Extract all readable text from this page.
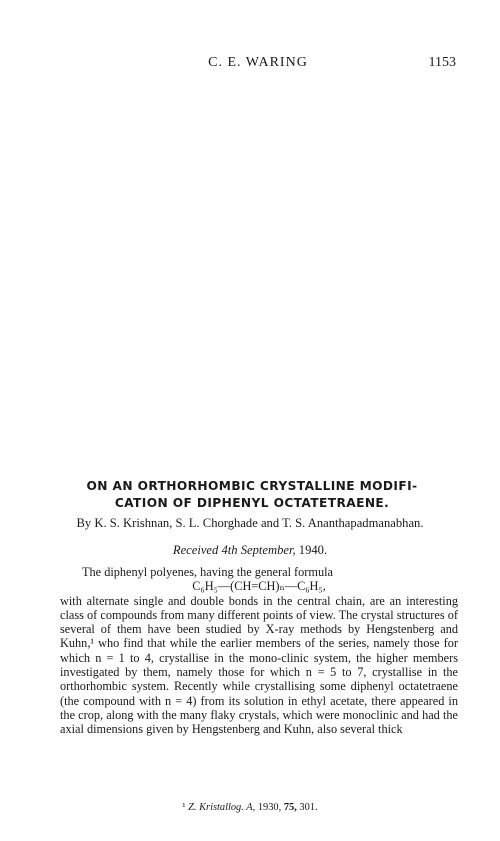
C. E. WARING	1153
ON AN ORTHORHOMBIC CRYSTALLINE MODIFI-CATION OF DIPHENYL OCTATETRAENE.
By K. S. Krishnan, S. L. Chorghade and T. S. Ananthapadmanabhan.
Received 4th September, 1940.

The diphenyl polyenes, having the general formula

C₆H₅—(CH=CH)ₙ—C₆H₅,

with alternate single and double bonds in the central chain, are an interesting class of compounds from many different points of view. The crystal structures of several of them have been studied by X-ray methods by Hengstenberg and Kuhn,¹ who find that while the earlier members of the series, namely those for which n = 1 to 4, crystallise in the mono-clinic system, the higher members investigated by them, namely those for which n = 5 to 7, crystallise in the orthorhombic system. Recently while crystallising some diphenyl octatetraene (the compound with n = 4) from its solution in ethyl acetate, there appeared in the crop, along with the many flaky crystals, which were monoclinic and had the axial dimensions given by Hengstenberg and Kuhn, also several thick

¹ Z. Kristallog. A, 1930, 75, 301.
